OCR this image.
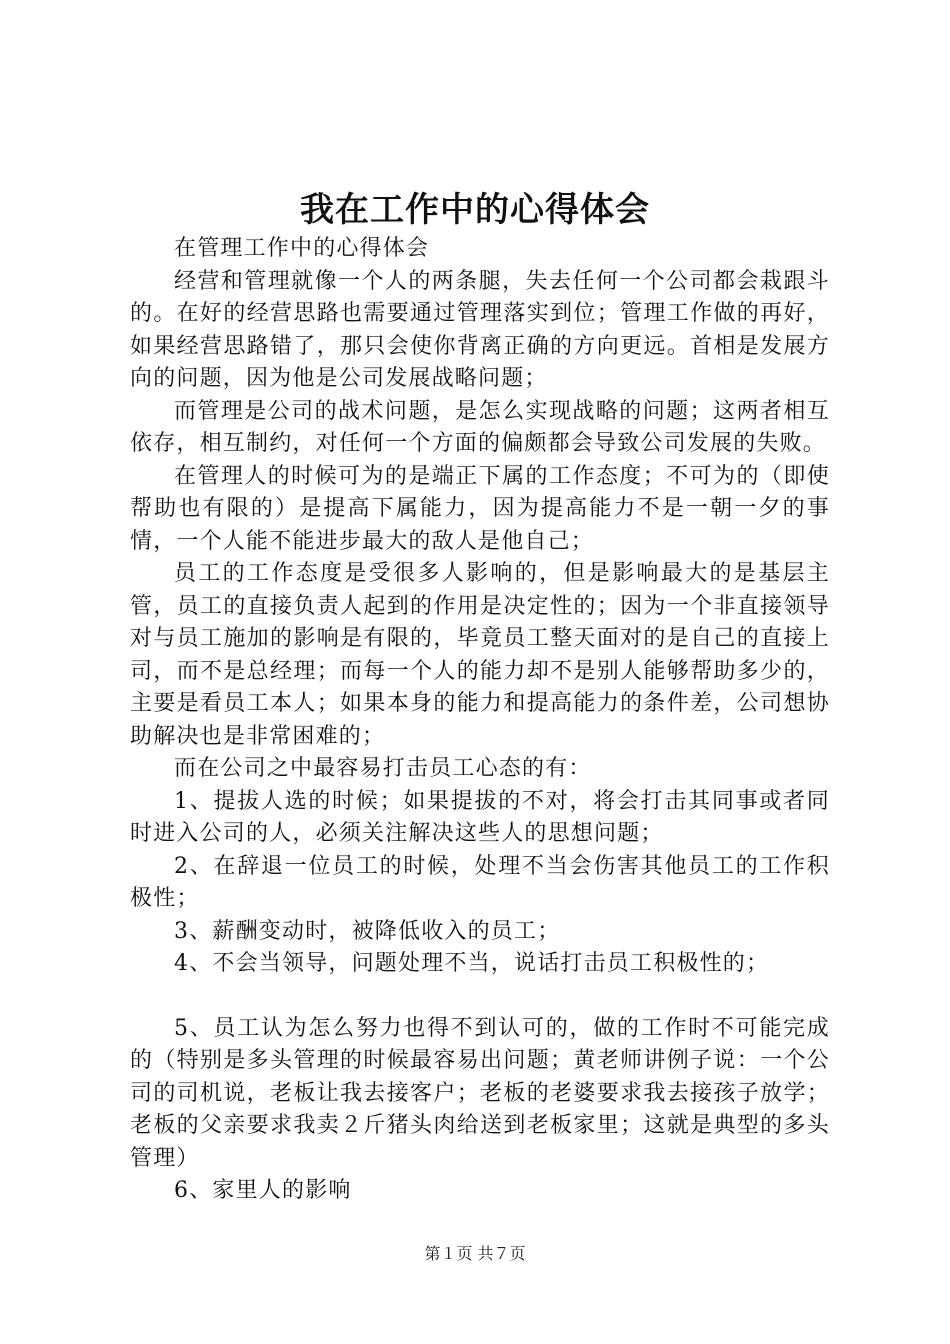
我在工作中的心得体会

在管理工作中的心得体会

经营和管理就像一个人的两条腿，失去任何一个公司都会栽跟斗的。在好的经营思路也需要通过管理落实到位；管理工作做的再好，如果经营思路错了，那只会使你背离正确的方向更远。首相是发展方向的问题，因为他是公司发展战略问题；

而管理是公司的战术问题，是怎么实现战略的问题；这两者相互依存，相互制约，对任何一个方面的偏颇都会导致公司发展的失败。

在管理人的时候可为的是端正下属的工作态度；不可为的（即使帮助也有限的）是提高下属能力，因为提高能力不是一朝一夕的事情，一个人能不能进步最大的敌人是他自己；

员工的工作态度是受很多人影响的，但是影响最大的是基层主管，员工的直接负责人起到的作用是决定性的；因为一个非直接领导对与员工施加的影响是有限的，毕竟员工整天面对的是自己的直接上司，而不是总经理；而每一个人的能力却不是别人能够帮助多少的，主要是看员工本人；如果本身的能力和提高能力的条件差，公司想协助解决也是非常困难的；

而在公司之中最容易打击员工心态的有：

1、提拔人选的时候；如果提拔的不对，将会打击其同事或者同时进入公司的人，必须关注解决这些人的思想问题；

2、在辞退一位员工的时候，处理不当会伤害其他员工的工作积极性；

3、薪酬变动时，被降低收入的员工；

4、不会当领导，问题处理不当，说话打击员工积极性的；

5、员工认为怎么努力也得不到认可的，做的工作时不可能完成的（特别是多头管理的时候最容易出问题；黄老师讲例子说：一个公司的司机说，老板让我去接客户；老板的老婆要求我去接孩子放学；老板的父亲要求我卖２斤猪头肉给送到老板家里；这就是典型的多头管理）

6、家里人的影响

第１页 共７页
